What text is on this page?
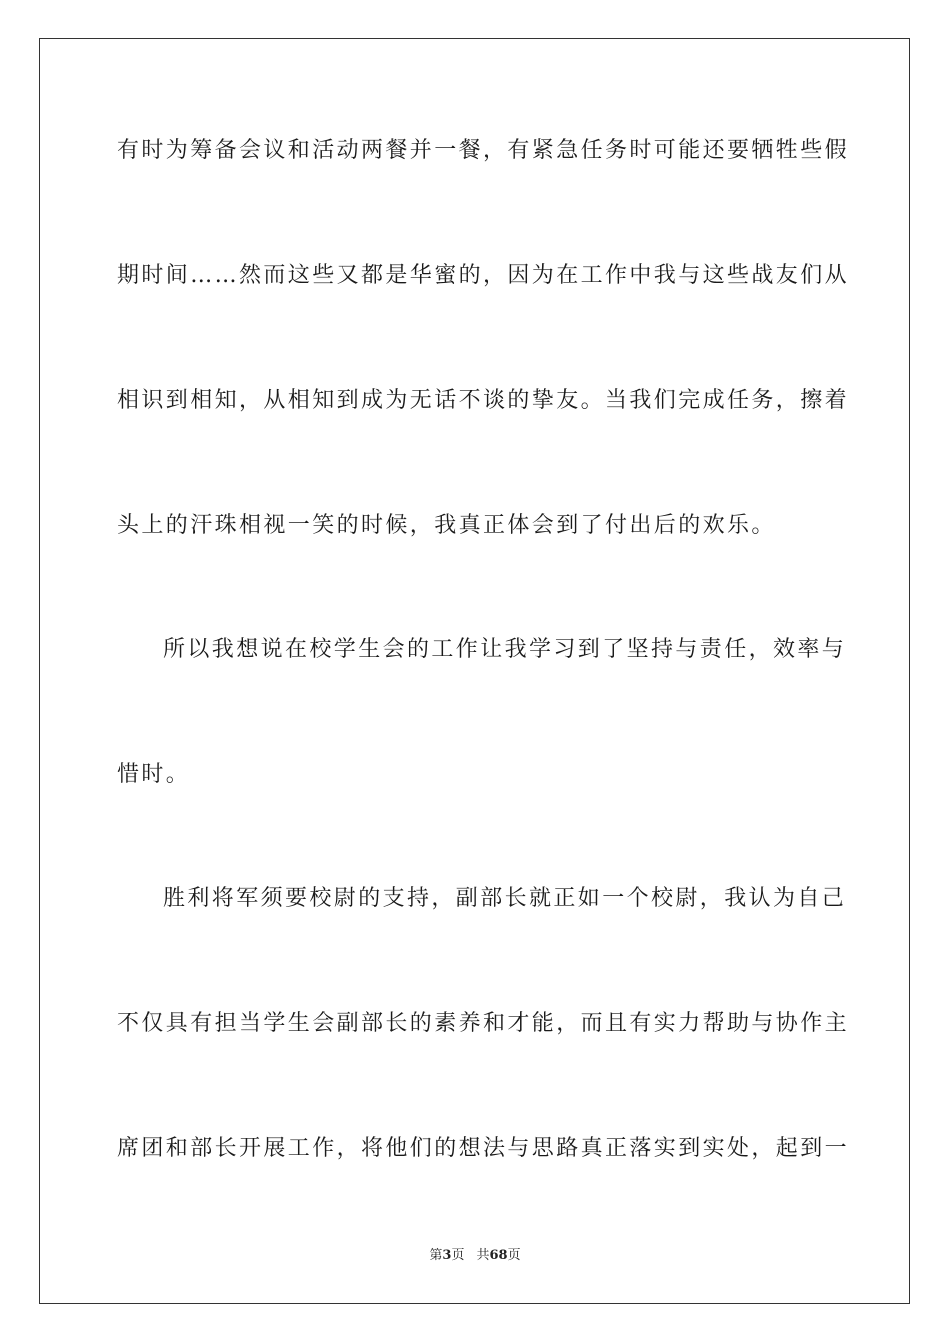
有时为筹备会议和活动两餐并一餐，有紧急任务时可能还要牺牲些假
期时间……然而这些又都是华蜜的，因为在工作中我与这些战友们从
相识到相知，从相知到成为无话不谈的挚友。当我们完成任务，擦着
头上的汗珠相视一笑的时候，我真正体会到了付出后的欢乐。
所以我想说在校学生会的工作让我学习到了坚持与责任，效率与
惜时。
胜利将军须要校尉的支持，副部长就正如一个校尉，我认为自己
不仅具有担当学生会副部长的素养和才能，而且有实力帮助与协作主
席团和部长开展工作，将他们的想法与思路真正落实到实处，起到一
第3页 共68页
